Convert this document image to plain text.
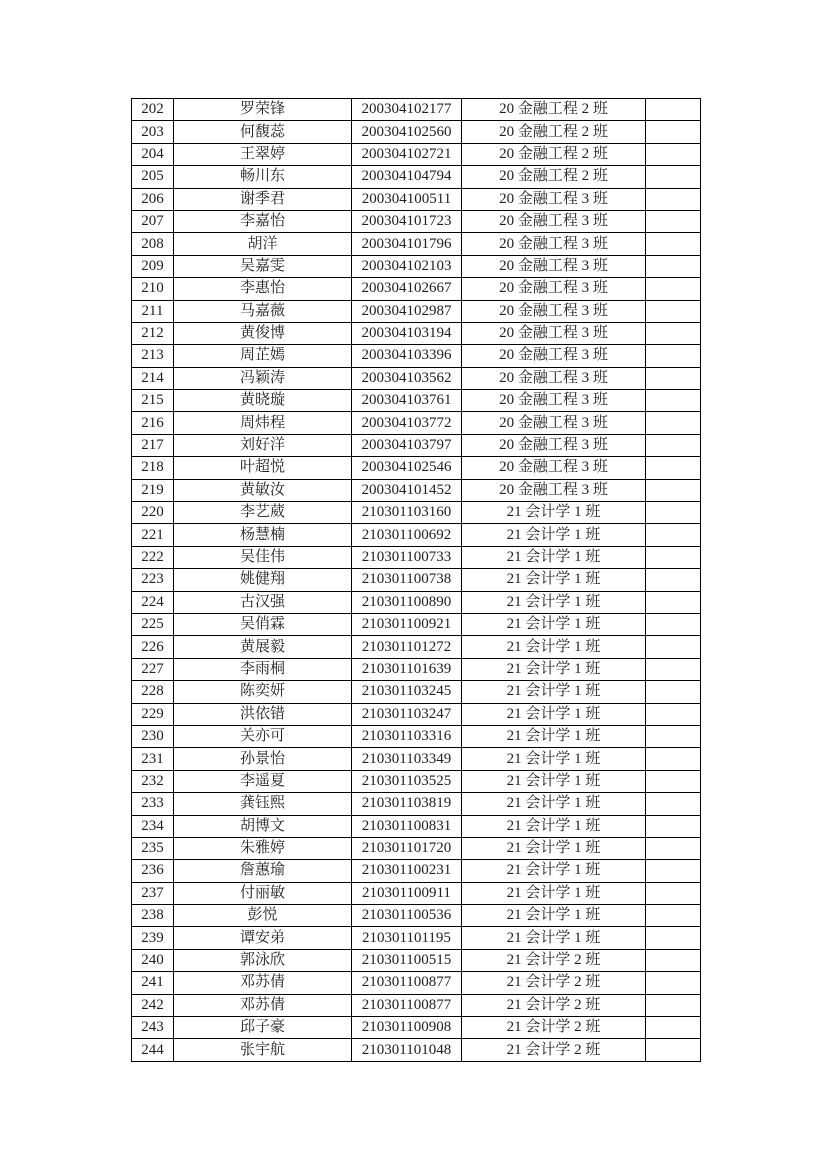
202	罗荣锋	200304102177	20 金融工程 2 班	
203	何馥蕊	200304102560	20 金融工程 2 班	
204	王翠婷	200304102721	20 金融工程 2 班	
205	畅川东	200304104794	20 金融工程 2 班	
206	谢季君	200304100511	20 金融工程 3 班	
207	李嘉怡	200304101723	20 金融工程 3 班	
208	胡洋	200304101796	20 金融工程 3 班	
209	吴嘉雯	200304102103	20 金融工程 3 班	
210	李惠怡	200304102667	20 金融工程 3 班	
211	马嘉薇	200304102987	20 金融工程 3 班	
212	黄俊博	200304103194	20 金融工程 3 班	
213	周芷嫣	200304103396	20 金融工程 3 班	
214	冯颖涛	200304103562	20 金融工程 3 班	
215	黄晓璇	200304103761	20 金融工程 3 班	
216	周炜程	200304103772	20 金融工程 3 班	
217	刘好洋	200304103797	20 金融工程 3 班	
218	叶超悦	200304102546	20 金融工程 3 班	
219	黄敏汝	200304101452	20 金融工程 3 班	
220	李艺葳	210301103160	21 会计学 1 班	
221	杨慧楠	210301100692	21 会计学 1 班	
222	吴佳伟	210301100733	21 会计学 1 班	
223	姚健翔	210301100738	21 会计学 1 班	
224	古汉强	210301100890	21 会计学 1 班	
225	吴俏霖	210301100921	21 会计学 1 班	
226	黄展毅	210301101272	21 会计学 1 班	
227	李雨桐	210301101639	21 会计学 1 班	
228	陈奕妍	210301103245	21 会计学 1 班	
229	洪依错	210301103247	21 会计学 1 班	
230	关亦可	210301103316	21 会计学 1 班	
231	孙景怡	210301103349	21 会计学 1 班	
232	李遥夏	210301103525	21 会计学 1 班	
233	龚钰熙	210301103819	21 会计学 1 班	
234	胡博文	210301100831	21 会计学 1 班	
235	朱雅婷	210301101720	21 会计学 1 班	
236	詹蕙瑜	210301100231	21 会计学 1 班	
237	付丽敏	210301100911	21 会计学 1 班	
238	彭悦	210301100536	21 会计学 1 班	
239	谭安弟	210301101195	21 会计学 1 班	
240	郭泳欣	210301100515	21 会计学 2 班	
241	邓苏倩	210301100877	21 会计学 2 班	
242	邓苏倩	210301100877	21 会计学 2 班	
243	邱子豪	210301100908	21 会计学 2 班	
244	张宇航	210301101048	21 会计学 2 班	
